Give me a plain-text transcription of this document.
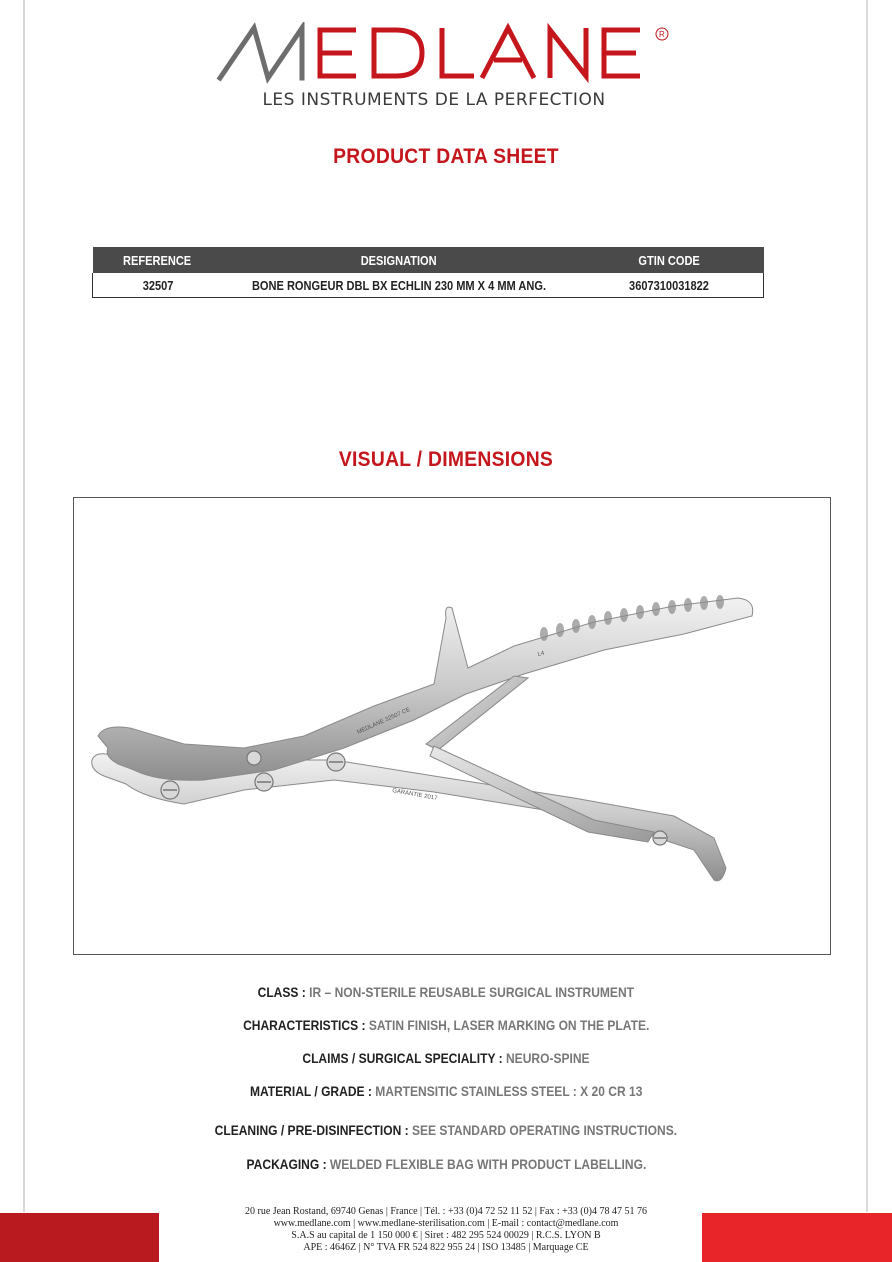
R
LES INSTRUMENTS DE LA PERFECTION
PRODUCT DATA SHEET
REFERENCE	DESIGNATION	GTIN CODE
32507	BONE RONGEUR DBL BX ECHLIN 230 MM X 4 MM ANG.	3607310031822
VISUAL / DIMENSIONS
MEDLANE 32507 CE
GARANTIE 2017
L4
CLASS : IR – NON-STERILE REUSABLE SURGICAL INSTRUMENT
CHARACTERISTICS : SATIN FINISH, LASER MARKING ON THE PLATE.
CLAIMS / SURGICAL SPECIALITY : NEURO-SPINE
MATERIAL / GRADE : MARTENSITIC STAINLESS STEEL : X 20 CR 13
CLEANING / PRE-DISINFECTION : SEE STANDARD OPERATING INSTRUCTIONS.
PACKAGING : WELDED FLEXIBLE BAG WITH PRODUCT LABELLING.
20 rue Jean Rostand, 69740 Genas | France | Tél. : +33 (0)4 72 52 11 52 | Fax : +33 (0)4 78 47 51 76
www.medlane.com | www.medlane-sterilisation.com | E-mail : contact@medlane.com
S.A.S au capital de 1 150 000 € | Siret : 482 295 524 00029 | R.C.S. LYON B
APE : 4646Z | N° TVA FR 524 822 955 24 | ISO 13485 | Marquage CE
